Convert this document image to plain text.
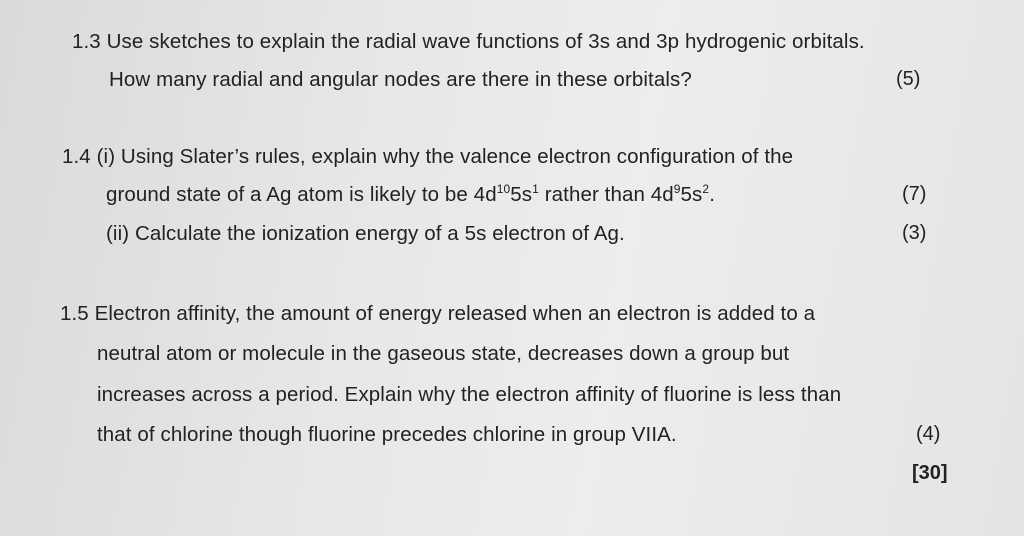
1.3 Use sketches to explain the radial wave functions of 3s and 3p hydrogenic orbitals.
How many radial and angular nodes are there in these orbitals?	(5)
1.4 (i) Using Slater’s rules, explain why the valence electron configuration of the
ground state of a Ag atom is likely to be $4d^{10}5s^1$ rather than $4d^95s^2$.	(7)
(ii) Calculate the ionization energy of a 5s electron of Ag.	(3)
1.5 Electron affinity, the amount of energy released when an electron is added to a
neutral atom or molecule in the gaseous state, decreases down a group but
increases across a period. Explain why the electron affinity of fluorine is less than
that of chlorine though fluorine precedes chlorine in group VIIA.	(4)
[30]
